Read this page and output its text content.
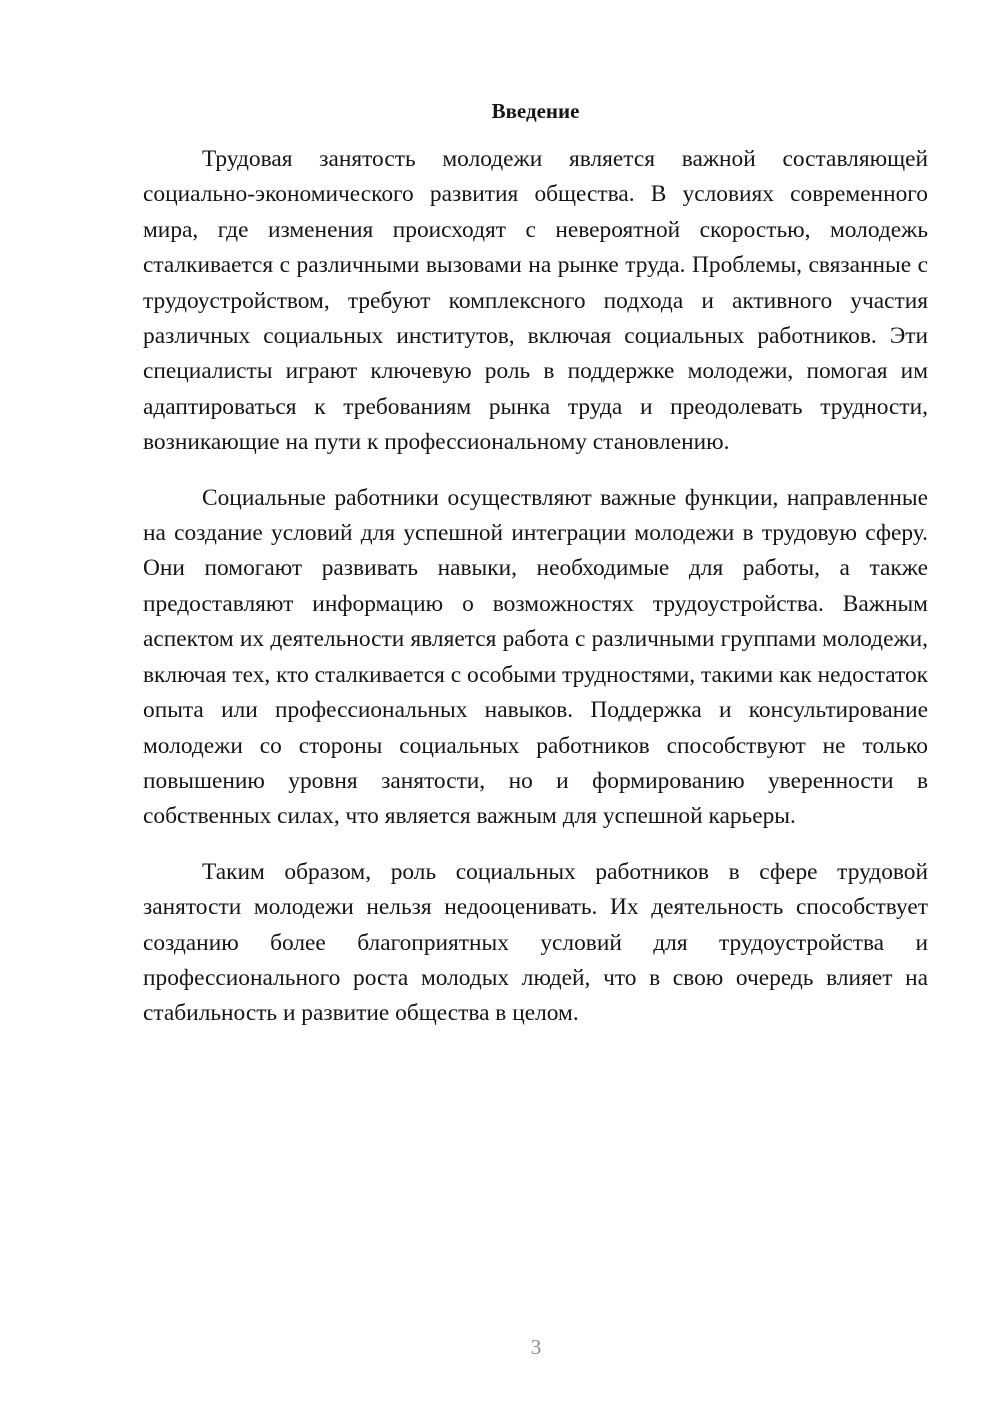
Введение

Трудовая занятость молодежи является важной составляющей социально-экономического развития общества. В условиях современного мира, где изменения происходят с невероятной скоростью, молодежь сталкивается с различными вызовами на рынке труда. Проблемы, связанные с трудоустройством, требуют комплексного подхода и активного участия различных социальных институтов, включая социальных работников. Эти специалисты играют ключевую роль в поддержке молодежи, помогая им адаптироваться к требованиям рынка труда и преодолевать трудности, возникающие на пути к профессиональному становлению.

Социальные работники осуществляют важные функции, направленные на создание условий для успешной интеграции молодежи в трудовую сферу. Они помогают развивать навыки, необходимые для работы, а также предоставляют информацию о возможностях трудоустройства. Важным аспектом их деятельности является работа с различными группами молодежи, включая тех, кто сталкивается с особыми трудностями, такими как недостаток опыта или профессиональных навыков. Поддержка и консультирование молодежи со стороны социальных работников способствуют не только повышению уровня занятости, но и формированию уверенности в собственных силах, что является важным для успешной карьеры.

Таким образом, роль социальных работников в сфере трудовой занятости молодежи нельзя недооценивать. Их деятельность способствует созданию более благоприятных условий для трудоустройства и профессионального роста молодых людей, что в свою очередь влияет на стабильность и развитие общества в целом.

3
